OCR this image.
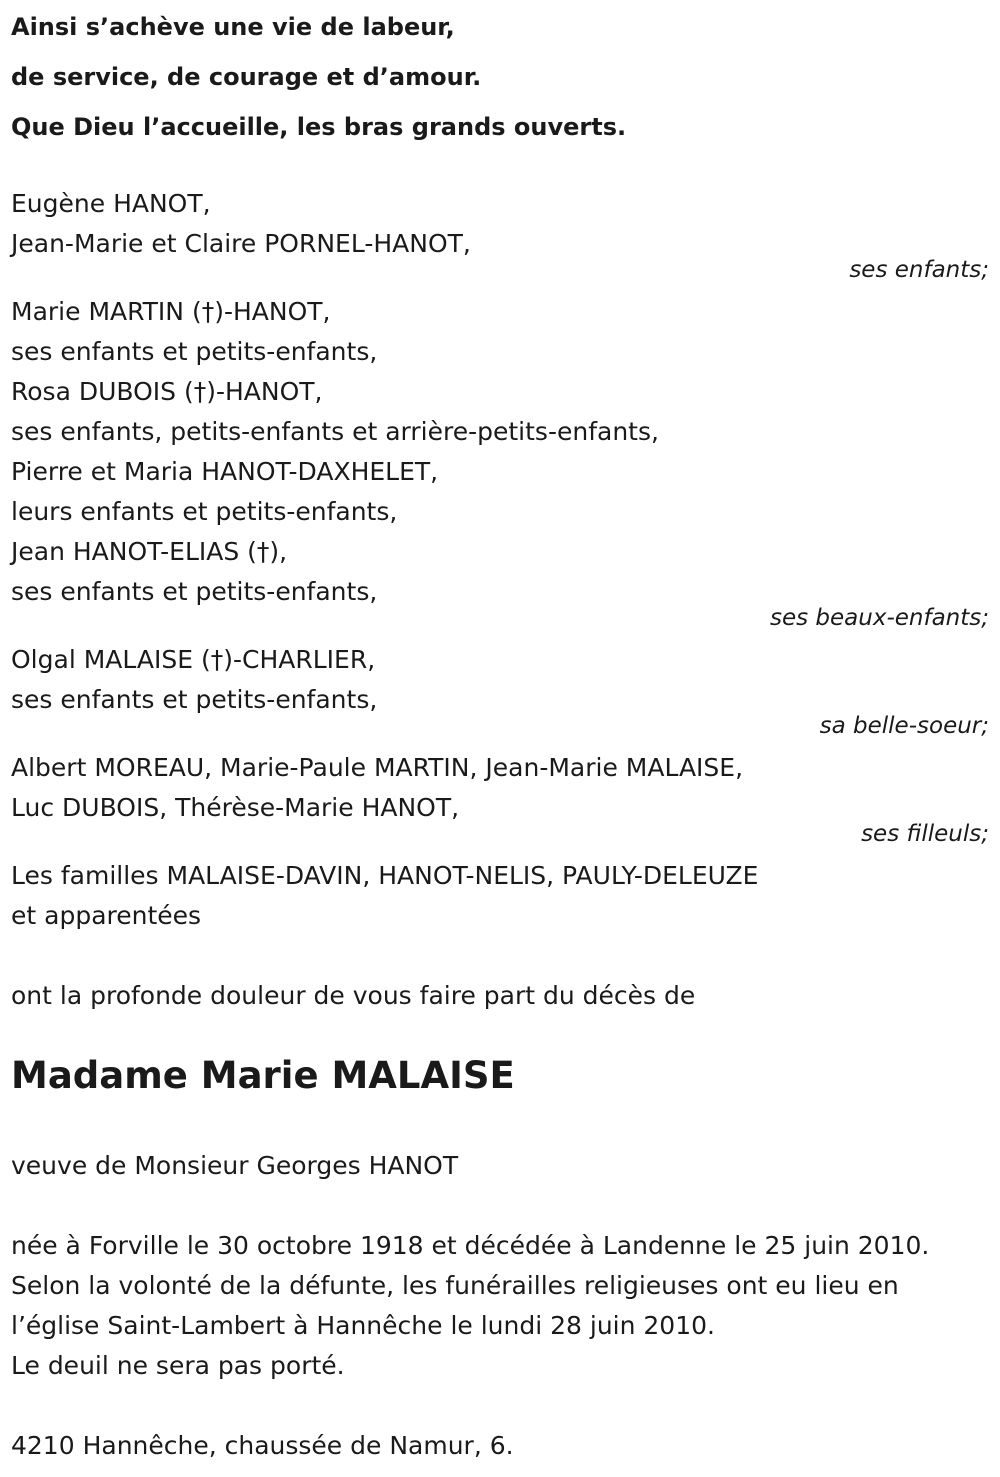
Ainsi s’achève une vie de labeur,
de service, de courage et d’amour.
Que Dieu l’accueille, les bras grands ouverts.
Eugène HANOT,
Jean-Marie et Claire PORNEL-HANOT,
ses enfants;
Marie MARTIN (†)-HANOT,
ses enfants et petits-enfants,
Rosa DUBOIS (†)-HANOT,
ses enfants, petits-enfants et arrière-petits-enfants,
Pierre et Maria HANOT-DAXHELET,
leurs enfants et petits-enfants,
Jean HANOT-ELIAS (†),
ses enfants et petits-enfants,
ses beaux-enfants;
Olgal MALAISE (†)-CHARLIER,
ses enfants et petits-enfants,
sa belle-soeur;
Albert MOREAU, Marie-Paule MARTIN, Jean-Marie MALAISE,
Luc DUBOIS, Thérèse-Marie HANOT,
ses filleuls;
Les familles MALAISE-DAVIN, HANOT-NELIS, PAULY-DELEUZE
et apparentées
ont la profonde douleur de vous faire part du décès de
Madame Marie MALAISE
veuve de Monsieur Georges HANOT
née à Forville le 30 octobre 1918 et décédée à Landenne le 25 juin 2010.
Selon la volonté de la défunte, les funérailles religieuses ont eu lieu en
l’église Saint-Lambert à Hannêche le lundi 28 juin 2010.
Le deuil ne sera pas porté.
4210 Hannêche, chaussée de Namur, 6.
